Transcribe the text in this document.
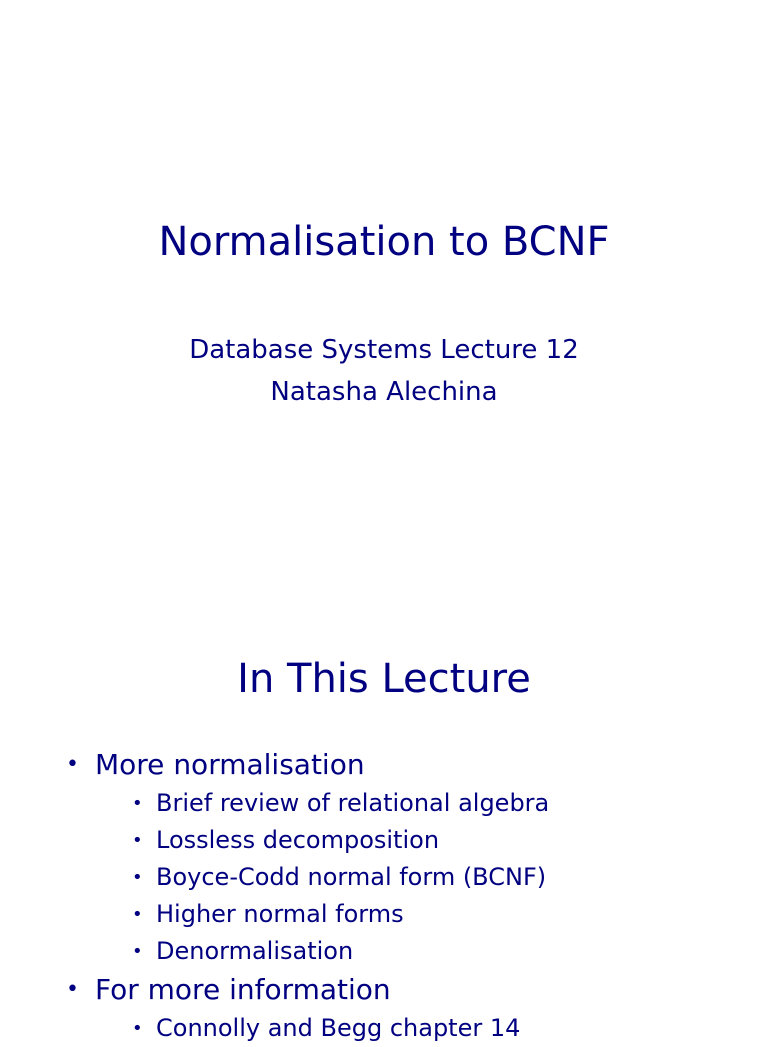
Normalisation to BCNF
Database Systems Lecture 12
Natasha Alechina
In This Lecture
• More normalisation
• Brief review of relational algebra
• Lossless decomposition
• Boyce-Codd normal form (BCNF)
• Higher normal forms
• Denormalisation
• For more information
• Connolly and Begg chapter 14
